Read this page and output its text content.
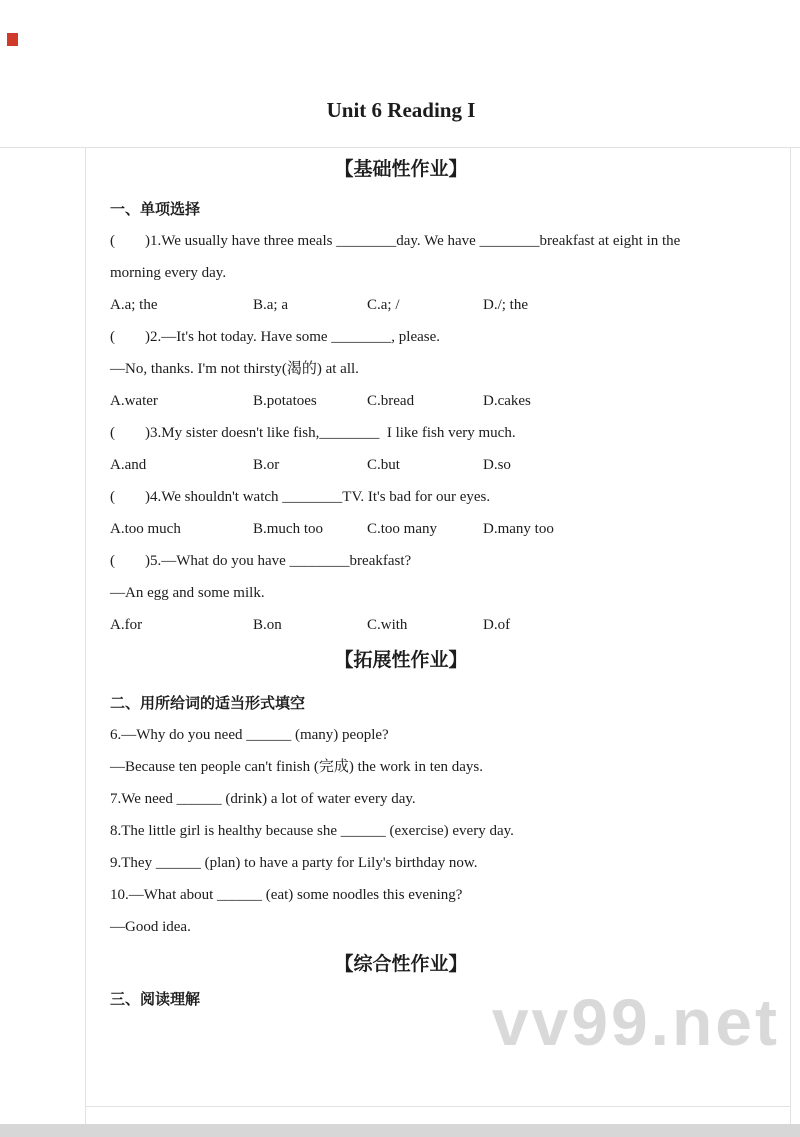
vv99.net
Unit 6 Reading I
【基础性作业】
一、单项选择
(        )1.We usually have three meals ________day. We have ________breakfast at eight in the
morning every day.
A.a; the	B.a; a	C.a; /	D./; the
(        )2.—It's hot today. Have some ________, please.
—No, thanks. I'm not thirsty(渴的) at all.
A.water	B.potatoes	C.bread	D.cakes
(        )3.My sister doesn't like fish,________  I like fish very much.
A.and	B.or	C.but	D.so
(        )4.We shouldn't watch ________TV. It's bad for our eyes.
A.too much	B.much too	C.too many	D.many too
(        )5.—What do you have ________breakfast?
—An egg and some milk.
A.for	B.on	C.with	D.of
【拓展性作业】
二、用所给词的适当形式填空
6.—Why do you need ______ (many) people?
—Because ten people can't finish (完成) the work in ten days.
7.We need ______ (drink) a lot of water every day.
8.The little girl is healthy because she ______ (exercise) every day.
9.They ______ (plan) to have a party for Lily's birthday now.
10.—What about ______ (eat) some noodles this evening?
—Good idea.
【综合性作业】
三、阅读理解
